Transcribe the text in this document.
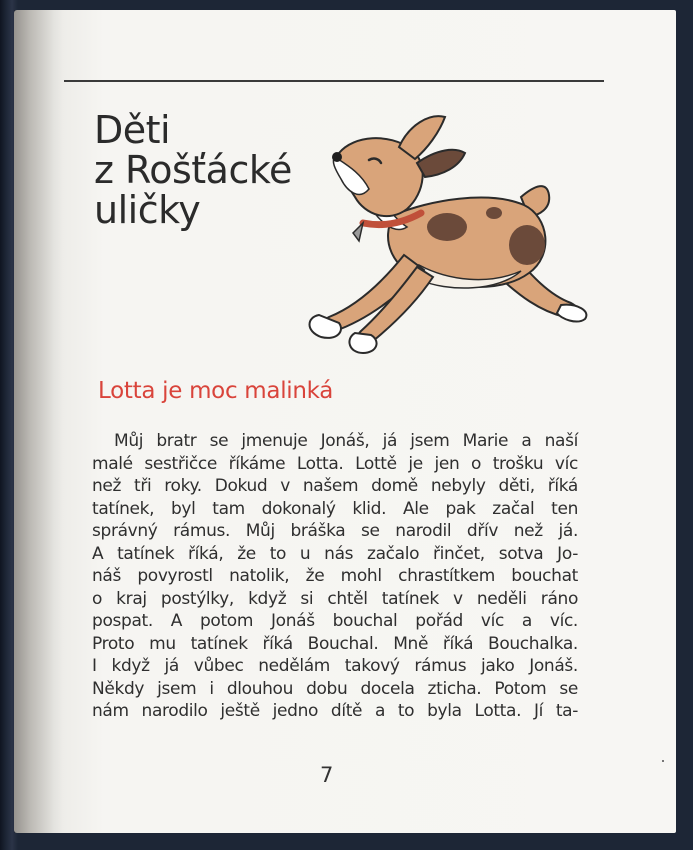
Děti
z Rošťácké
uličky
Lotta je moc malinká
Můj bratr se jmenuje Jonáš, já jsem Marie a naší
malé sestřičce říkáme Lotta. Lottě je jen o trošku víc
než tři roky. Dokud v našem domě nebyly děti, říká
tatínek, byl tam dokonalý klid. Ale pak začal ten
správný rámus. Můj bráška se narodil dřív než já.
A tatínek říká, že to u nás začalo řinčet, sotva Jo-
náš povyrostl natolik, že mohl chrastítkem bouchat
o kraj postýlky, když si chtěl tatínek v neděli ráno
pospat. A potom Jonáš bouchal pořád víc a víc.
Proto mu tatínek říká Bouchal. Mně říká Bouchalka.
I když já vůbec nedělám takový rámus jako Jonáš.
Někdy jsem i dlouhou dobu docela zticha. Potom se
nám narodilo ještě jedno dítě a to byla Lotta. Jí ta-
7
